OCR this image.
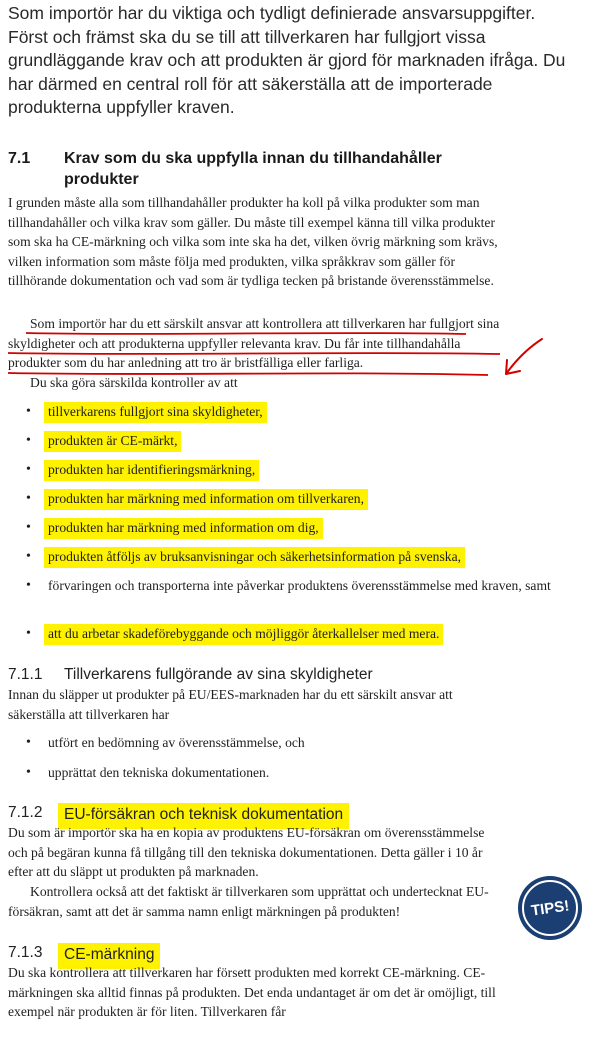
Som importör har du viktiga och tydligt definierade ansvarsuppgifter. Först och främst ska du se till att tillverkaren har fullgjort vissa grundläggande krav och att produkten är gjord för marknaden ifråga. Du har därmed en central roll för att säkerställa att de importerade produkterna uppfyller kraven.
7.1 Krav som du ska uppfylla innan du tillhandahåller produkter
I grunden måste alla som tillhandahåller produkter ha koll på vilka produkter som man tillhandahåller och vilka krav som gäller. Du måste till exempel känna till vilka produkter som ska ha CE-märkning och vilka som inte ska ha det, vilken övrig märkning som krävs, vilken information som måste följa med produkten, vilka språkkrav som gäller för tillhörande dokumentation och vad som är tydliga tecken på bristande överensstämmelse.
Som importör har du ett särskilt ansvar att kontrollera att tillverkaren har fullgjort sina skyldigheter och att produkterna uppfyller relevanta krav. Du får inte tillhandahålla produkter som du har anledning att tro är bristfälliga eller farliga.
Du ska göra särskilda kontroller av att
• tillverkarens fullgjort sina skyldigheter,
• produkten är CE-märkt,
• produkten har identifieringsmärkning,
• produkten har märkning med information om tillverkaren,
• produkten har märkning med information om dig,
• produkten åtföljs av bruksanvisningar och säkerhetsinformation på svenska,
• förvaringen och transporterna inte påverkar produktens överensstämmelse med kraven, samt
• att du arbetar skadeförebyggande och möjliggör återkallelser med mera.
7.1.1 Tillverkarens fullgörande av sina skyldigheter
Innan du släpper ut produkter på EU/EES-marknaden har du ett särskilt ansvar att säkerställa att tillverkaren har
• utfört en bedömning av överensstämmelse, och
• upprättat den tekniska dokumentationen.
7.1.2	EU-försäkran och teknisk dokumentation
Du som är importör ska ha en kopia av produktens EU-försäkran om överensstämmelse och på begäran kunna få tillgång till den tekniska dokumentationen. Detta gäller i 10 år efter att du släppt ut produkten på marknaden.
Kontrollera också att det faktiskt är tillverkaren som upprättat och undertecknat EU-försäkran, samt att det är samma namn enligt märkningen på produkten!
7.1.3	CE-märkning
Du ska kontrollera att tillverkaren har försett produkten med korrekt CE-märkning. CE-märkningen ska alltid finnas på produkten. Det enda undantaget är om det är omöjligt, till exempel när produkten är för liten. Tillverkaren får
TIPS!
